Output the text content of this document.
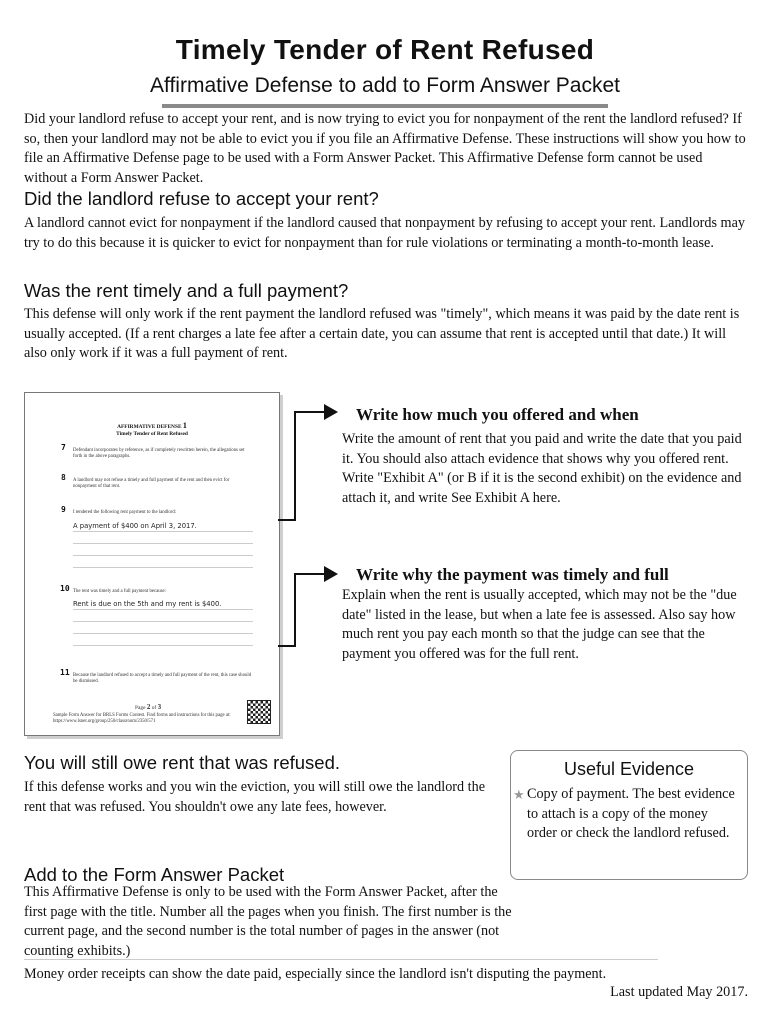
Timely Tender of Rent Refused
Affirmative Defense to add to Form Answer Packet
Did your landlord refuse to accept your rent, and is now trying to evict you for nonpayment of the rent the landlord refused? If so, then your landlord may not be able to evict you if you file an Affirmative Defense. These instructions will show you how to file an Affirmative Defense page to be used with a Form Answer Packet. This Affirmative Defense form cannot be used without a Form Answer Packet.
Did the landlord refuse to accept your rent?
A landlord cannot evict for nonpayment if the landlord caused that nonpayment by refusing to accept your rent. Landlords may try to do this because it is quicker to evict for nonpayment than for rule violations or terminating a month-to-month lease.
Was the rent timely and a full payment?
This defense will only work if the rent payment the landlord refused was "timely", which means it was paid by the date rent is usually accepted. (If a rent charges a late fee after a certain date, you can assume that rent is accepted until that date.) It will also only work if it was a full payment of rent.
AFFIRMATIVE DEFENSE 1
Timely Tender of Rent Refused
7 Defendant incorporates by reference, as if completely rewritten herein, the allegations set forth in the above paragraphs.
8 A landlord may not refuse a timely and full payment of the rent and then evict for nonpayment of that rent.
9 I tendered the following rent payment to the landlord:
A payment of $400 on April 3, 2017.
10 The rent was timely and a full payment because:
Rent is due on the 5th and my rent is $400.
11 Because the landlord refused to accept a timely and full payment of the rent, this case should be dismissed.
Page 2 of 3
Sample Form Answer for BRLS Forms Contest. Find forms and instructions for this page at: https://www.lsnet.org/group/250/classroom/2350/571
Write how much you offered and when
Write the amount of rent that you paid and write the date that you paid it. You should also attach evidence that shows why you offered rent. Write "Exhibit A" (or B if it is the second exhibit) on the evidence and attach it, and write See Exhibit A here.
Write why the payment was timely and full
Explain when the rent is usually accepted, which may not be the "due date" listed in the lease, but when a late fee is assessed. Also say how much rent you pay each month so that the judge can see that the payment you offered was for the full rent.
You will still owe rent that was refused.
If this defense works and you win the eviction, you will still owe the landlord the rent that was refused. You shouldn't owe any late fees, however.
Useful Evidence
★ Copy of payment. The best evidence to attach is a copy of the money order or check the landlord refused.
Add to the Form Answer Packet
This Affirmative Defense is only to be used with the Form Answer Packet, after the first page with the title. Number all the pages when you finish. The first number is the current page, and the second number is the total number of pages in the answer (not counting exhibits.)
Money order receipts can show the date paid, especially since the landlord isn't disputing the payment.
Last updated May 2017.
